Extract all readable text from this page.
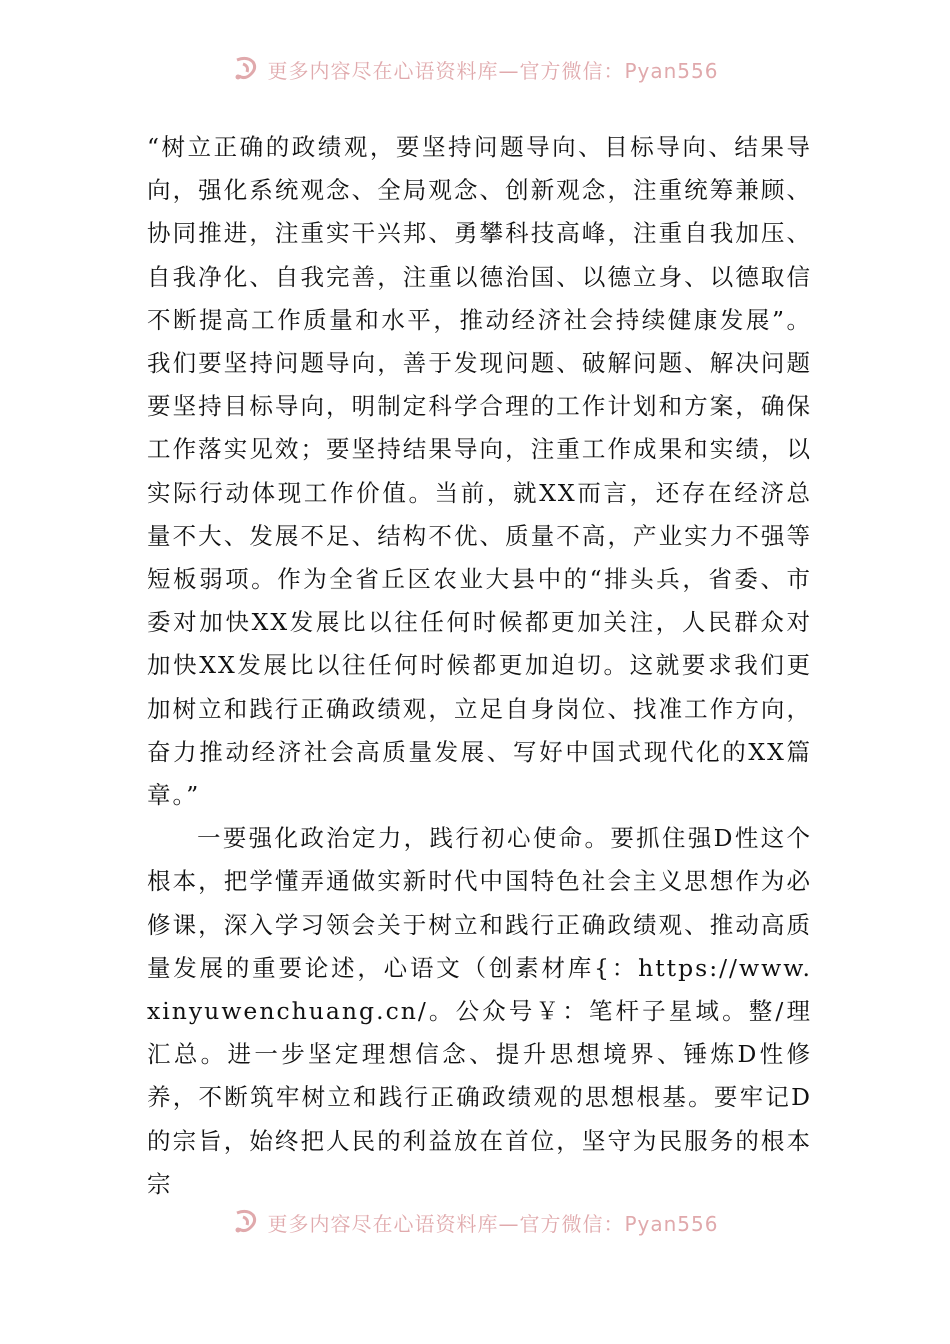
更多内容尽在心语资料库—官方微信：Pyan556

“树立正确的政绩观，要坚持问题导向、目标导向、结果导向，强化系统观念、全局观念、创新观念，注重统筹兼顾、协同推进，注重实干兴邦、勇攀科技高峰，注重自我加压、自我净化、自我完善，注重以德治国、以德立身、以德取信不断提高工作质量和水平，推动经济社会持续健康发展”。我们要坚持问题导向，善于发现问题、破解问题、解决问题要坚持目标导向，明制定科学合理的工作计划和方案，确保工作落实见效；要坚持结果导向，注重工作成果和实绩，以实际行动体现工作价值。当前，就XX而言，还存在经济总量不大、发展不足、结构不优、质量不高，产业实力不强等短板弱项。作为全省丘区农业大县中的“排头兵，省委、市委对加快XX发展比以往任何时候都更加关注，人民群众对加快XX发展比以往任何时候都更加迫切。这就要求我们更加树立和践行正确政绩观，立足自身岗位、找准工作方向，奋力推动经济社会高质量发展、写好中国式现代化的XX篇章。”

一要强化政治定力，践行初心使命。要抓住强D性这个根本，把学懂弄通做实新时代中国特色社会主义思想作为必修课，深入学习领会关于树立和践行正确政绩观、推动高质量发展的重要论述，心语文（创素材库{：https://www.xinyuwenchuang.cn/。公众号￥：笔杆子星域。整/理汇总。进一步坚定理想信念、提升思想境界、锤炼D性修养，不断筑牢树立和践行正确政绩观的思想根基。要牢记D的宗旨，始终把人民的利益放在首位，坚守为民服务的根本宗

更多内容尽在心语资料库—官方微信：Pyan556
